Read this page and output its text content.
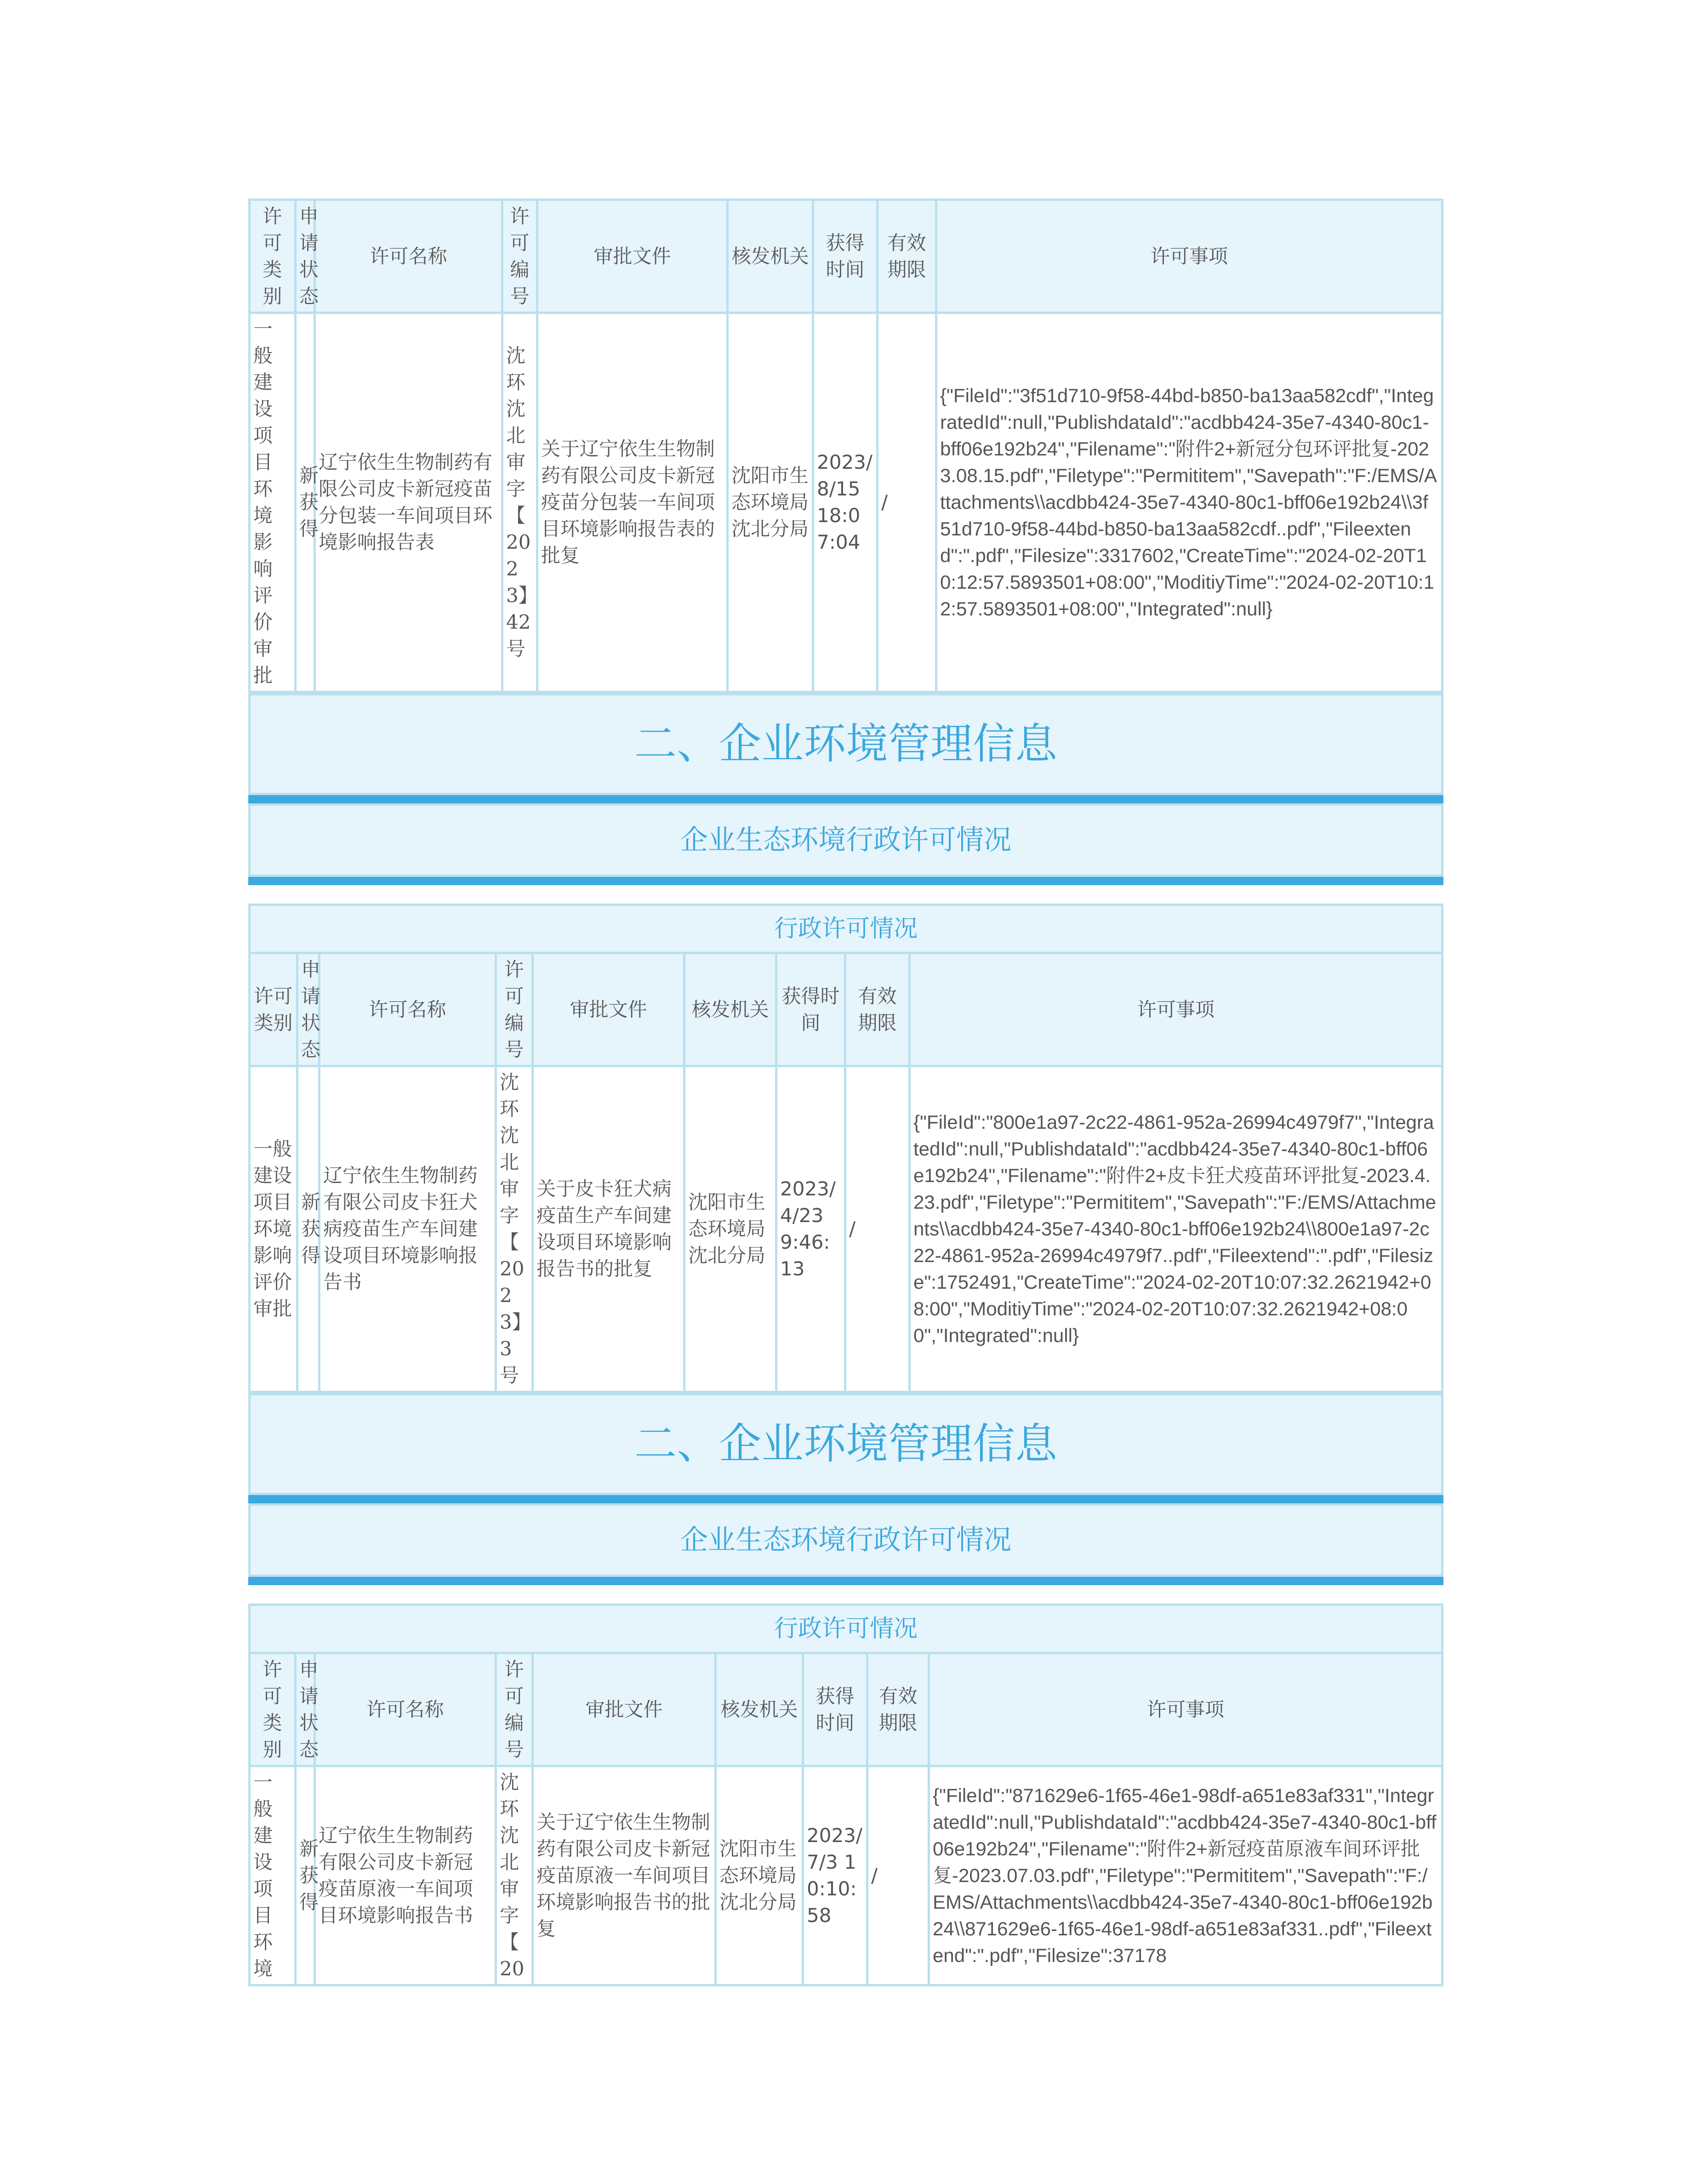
许可类别	申请状态	许可名称	许可编号	审批文件	核发机关	获得时间	有效期限	许可事项
一般建设项目环境影响评价审批	新获得	辽宁依生生物制药有限公司皮卡新冠疫苗分包装一车间项目环境影响报告表	沈环沈北审字【2023】42号	关于辽宁依生生物制药有限公司皮卡新冠疫苗分包装一车间项目环境影响报告表的批复	沈阳市生态环境局沈北分局	2023/8/15 18:07:04	/	{"FileId":"3f51d710-9f58-44bd-b850-ba13aa582cdf","IntegratedId":null,"PublishdataId":"acdbb424-35e7-4340-80c1-bff06e192b24","Filename":"附件2+新冠分包环评批复-2023.08.15.pdf","Filetype":"Permititem","Savepath":"F:/EMS/Attachments\\acdbb424-35e7-4340-80c1-bff06e192b24\\3f51d710-9f58-44bd-b850-ba13aa582cdf..pdf","Fileextend":".pdf","Filesize":3317602,"CreateTime":"2024-02-20T10:12:57.5893501+08:00","ModitiyTime":"2024-02-20T10:12:57.5893501+08:00","Integrated":null}
二、企业环境管理信息
企业生态环境行政许可情况
行政许可情况
许可类别	申请状态	许可名称	许可编号	审批文件	核发机关	获得时间	有效期限	许可事项
一般建设项目环境影响评价审批	新获得	辽宁依生生物制药有限公司皮卡狂犬病疫苗生产车间建设项目环境影响报告书	沈环沈北审字【2023】3号	关于皮卡狂犬病疫苗生产车间建设项目环境影响报告书的批复	沈阳市生态环境局沈北分局	2023/4/23 9:46:13	/	{"FileId":"800e1a97-2c22-4861-952a-26994c4979f7","IntegratedId":null,"PublishdataId":"acdbb424-35e7-4340-80c1-bff06e192b24","Filename":"附件2+皮卡狂犬疫苗环评批复-2023.4.23.pdf","Filetype":"Permititem","Savepath":"F:/EMS/Attachments\\acdbb424-35e7-4340-80c1-bff06e192b24\\800e1a97-2c22-4861-952a-26994c4979f7..pdf","Fileextend":".pdf","Filesize":1752491,"CreateTime":"2024-02-20T10:07:32.2621942+08:00","ModitiyTime":"2024-02-20T10:07:32.2621942+08:00","Integrated":null}
二、企业环境管理信息
企业生态环境行政许可情况
行政许可情况
许可类别	申请状态	许可名称	许可编号	审批文件	核发机关	获得时间	有效期限	许可事项
一般建设项目环境	新获得	辽宁依生生物制药有限公司皮卡新冠疫苗原液一车间项目环境影响报告书	沈环沈北审字【20	关于辽宁依生生物制药有限公司皮卡新冠疫苗原液一车间项目环境影响报告书的批复	沈阳市生态环境局沈北分局	2023/7/3 10:10:58	/	{"FileId":"871629e6-1f65-46e1-98df-a651e83af331","IntegratedId":null,"PublishdataId":"acdbb424-35e7-4340-80c1-bff06e192b24","Filename":"附件2+新冠疫苗原液车间环评批复-2023.07.03.pdf","Filetype":"Permititem","Savepath":"F:/EMS/Attachments\\acdbb424-35e7-4340-80c1-bff06e192b24\\871629e6-1f65-46e1-98df-a651e83af331..pdf","Fileextend":".pdf","Filesize":37178
